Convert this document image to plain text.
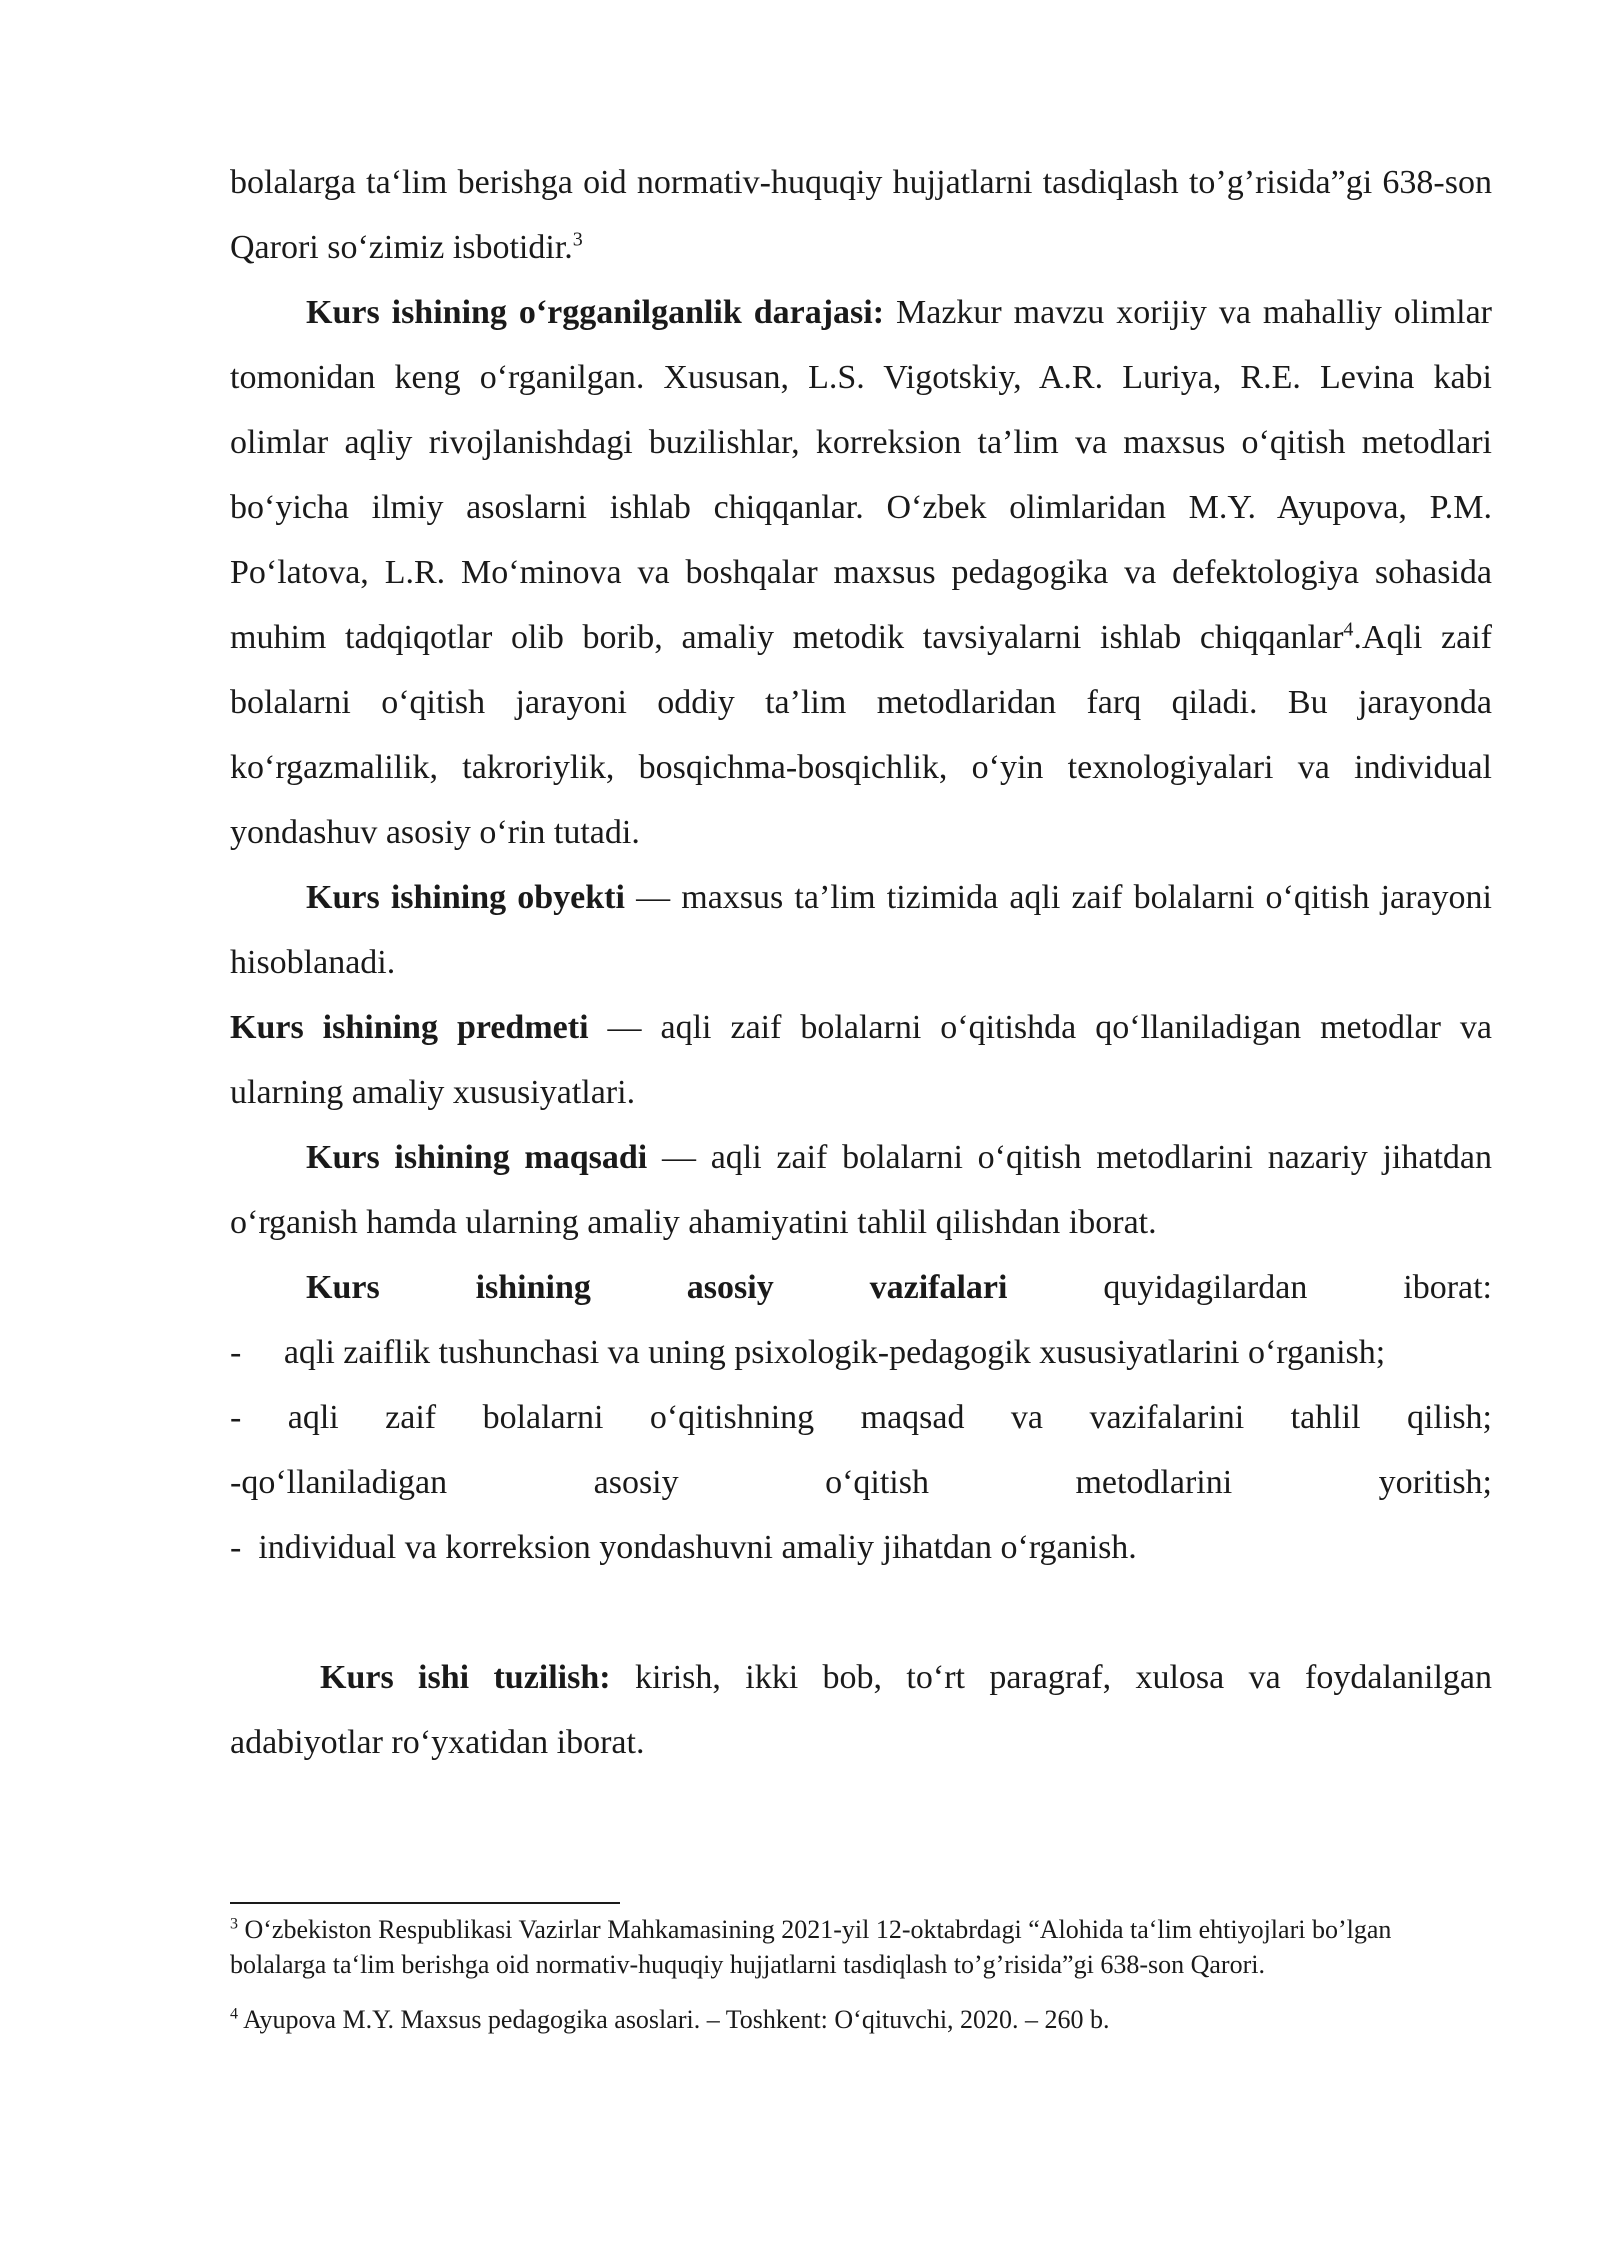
bolalarga ta‘lim berishga oid normativ-huquqiy hujjatlarni tasdiqlash to’g’risida”gi 638-son Qarori so‘zimiz isbotidir.$^3$

Kurs ishining o‘rgganilganlik darajasi: Mazkur mavzu xorijiy va mahalliy olimlar tomonidan keng o‘rganilgan. Xususan, L.S. Vigotskiy, A.R. Luriya, R.E. Levina kabi olimlar aqliy rivojlanishdagi buzilishlar, korreksion ta’lim va maxsus o‘qitish metodlari bo‘yicha ilmiy asoslarni ishlab chiqqanlar. O‘zbek olimlaridan M.Y. Ayupova, P.M. Po‘latova, L.R. Mo‘minova va boshqalar maxsus pedagogika va defektologiya sohasida muhim tadqiqotlar olib borib, amaliy metodik tavsiyalarni ishlab chiqqanlar$^4$.Aqli zaif bolalarni o‘qitish jarayoni oddiy ta’lim metodlaridan farq qiladi. Bu jarayonda ko‘rgazmalilik, takroriylik, bosqichma-bosqichlik, o‘yin texnologiyalari va individual yondashuv asosiy o‘rin tutadi.

Kurs ishining obyekti — maxsus ta’lim tizimida aqli zaif bolalarni o‘qitish jarayoni hisoblanadi.

Kurs ishining predmeti — aqli zaif bolalarni o‘qitishda qo‘llaniladigan metodlar va ularning amaliy xususiyatlari.

Kurs ishining maqsadi — aqli zaif bolalarni o‘qitish metodlarini nazariy jihatdan o‘rganish hamda ularning amaliy ahamiyatini tahlil qilishdan iborat.

Kurs ishining asosiy vazifalari quyidagilardan iborat:

-     aqli zaiflik tushunchasi va uning psixologik-pedagogik xususiyatlarini o‘rganish;

- aqli zaif bolalarni o‘qitishning maqsad va vazifalarini tahlil qilish;

-qo‘llaniladigan asosiy o‘qitish metodlarini yoritish;

-  individual va korreksion yondashuvni amaliy jihatdan o‘rganish.

Kurs ishi tuzilish: kirish, ikki bob, to‘rt paragraf, xulosa va foydalanilgan adabiyotlar ro‘yxatidan iborat.

$^3$ O‘zbekiston Respublikasi Vazirlar Mahkamasining 2021-yil 12-oktabrdagi “Alohida ta‘lim ehtiyojlari bo’lgan bolalarga ta‘lim berishga oid normativ-huquqiy hujjatlarni tasdiqlash to’g’risida”gi 638-son Qarori.

$^4$ Ayupova M.Y. Maxsus pedagogika asoslari. – Toshkent: O‘qituvchi, 2020. – 260 b.
